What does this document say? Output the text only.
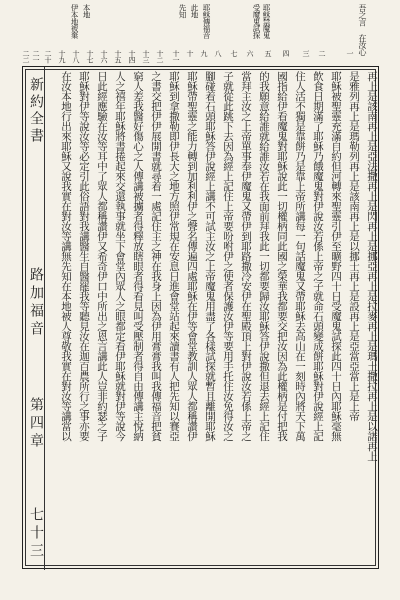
吾之言 在汝心
耶穌禁魔鬼
受魔鬼試探
耶穌傳福音
此地
先知
本地
伊本地被棄
一
二
三
四
五
六
七
八
九
十
十一
十二
十三
十四
十五
十六
十七
十八
十九
二十
二一
二二
新約全書
路加福音
第四章
七十三
再上是該南再上是亞法撒再上是閃再上是挪亞再上是拉麥再上是瑪土撒拉再上是以諾再上
是雅列再上是瑪勒列再上是該南再上是以挪士再上是設再上是亞當亞當上是上帝
耶穌被聖靈充滿自約但河轉來聖靈引伊至曠野四十日受魔鬼試探此四十日內耶穌毫無
飲食日期滿了耶穌乃餓魔鬼對伊說汝若係上帝之子就命石頭變成餅耶穌對伊說經上記
住人活不獨是靠餅乃是靠上帝所講每一句話魔鬼又帶耶穌去高山在一刻時內將天下萬
國指給伊看魔鬼對耶穌說此一切權柄同此國之榮華我都要交把汝因為此權柄是付把我
的我願意給誰就給誰汝若在我面前拜我此一切都要歸汝耶穌答伊說撒但退去經上記住
當拜主汝之上帝單事奉伊魔鬼又帶伊到耶路撒冷安伊在聖殿頂上對伊說汝若係上帝之
子就從此跳下去因為經上記住上帝要吩咐伊之使者保護汝伊等要用手托住汝免得汝之
腳碰着石頭耶穌答伊說經上講不可試主汝之上帝魔鬼用盡了各樣試探就暫且離開耶穌
耶穌帶聖靈之能力轉到加利利伊之聲名傳遍四處耶穌在伊等會堂教訓人眾人都稱讚伊
耶穌到拿撒勒即伊長大之地方照伊常規在安息日進會堂站起來讀書有人把先知以賽亞
之書交把伊伊展開書就尋着一處記住主之神在我身上因為伊用膏膏我叫我傳福音把貧
窮人差我醫好傷心之人傳講被擄者得釋放瞎眼者得看見叫受壓制者得自由傳講主悅納
人之禧年耶穌將書捲起來交還執事就坐下會堂內眾人之眼都定看伊耶穌就對伊等說今
日此經應驗在汝等耳中了眾人都稱讚伊又希奇伊口中所出之恩言講此人豈非約瑟之子
耶穌對伊等說汝等必定引此俗語對我講醫生自醫罷我等聽見汝在迦百農所行之事亦要
在汝本地行出來耶穌又說我實在對汝等講無先知在本地被人尊敬我實在對汝等講當以
